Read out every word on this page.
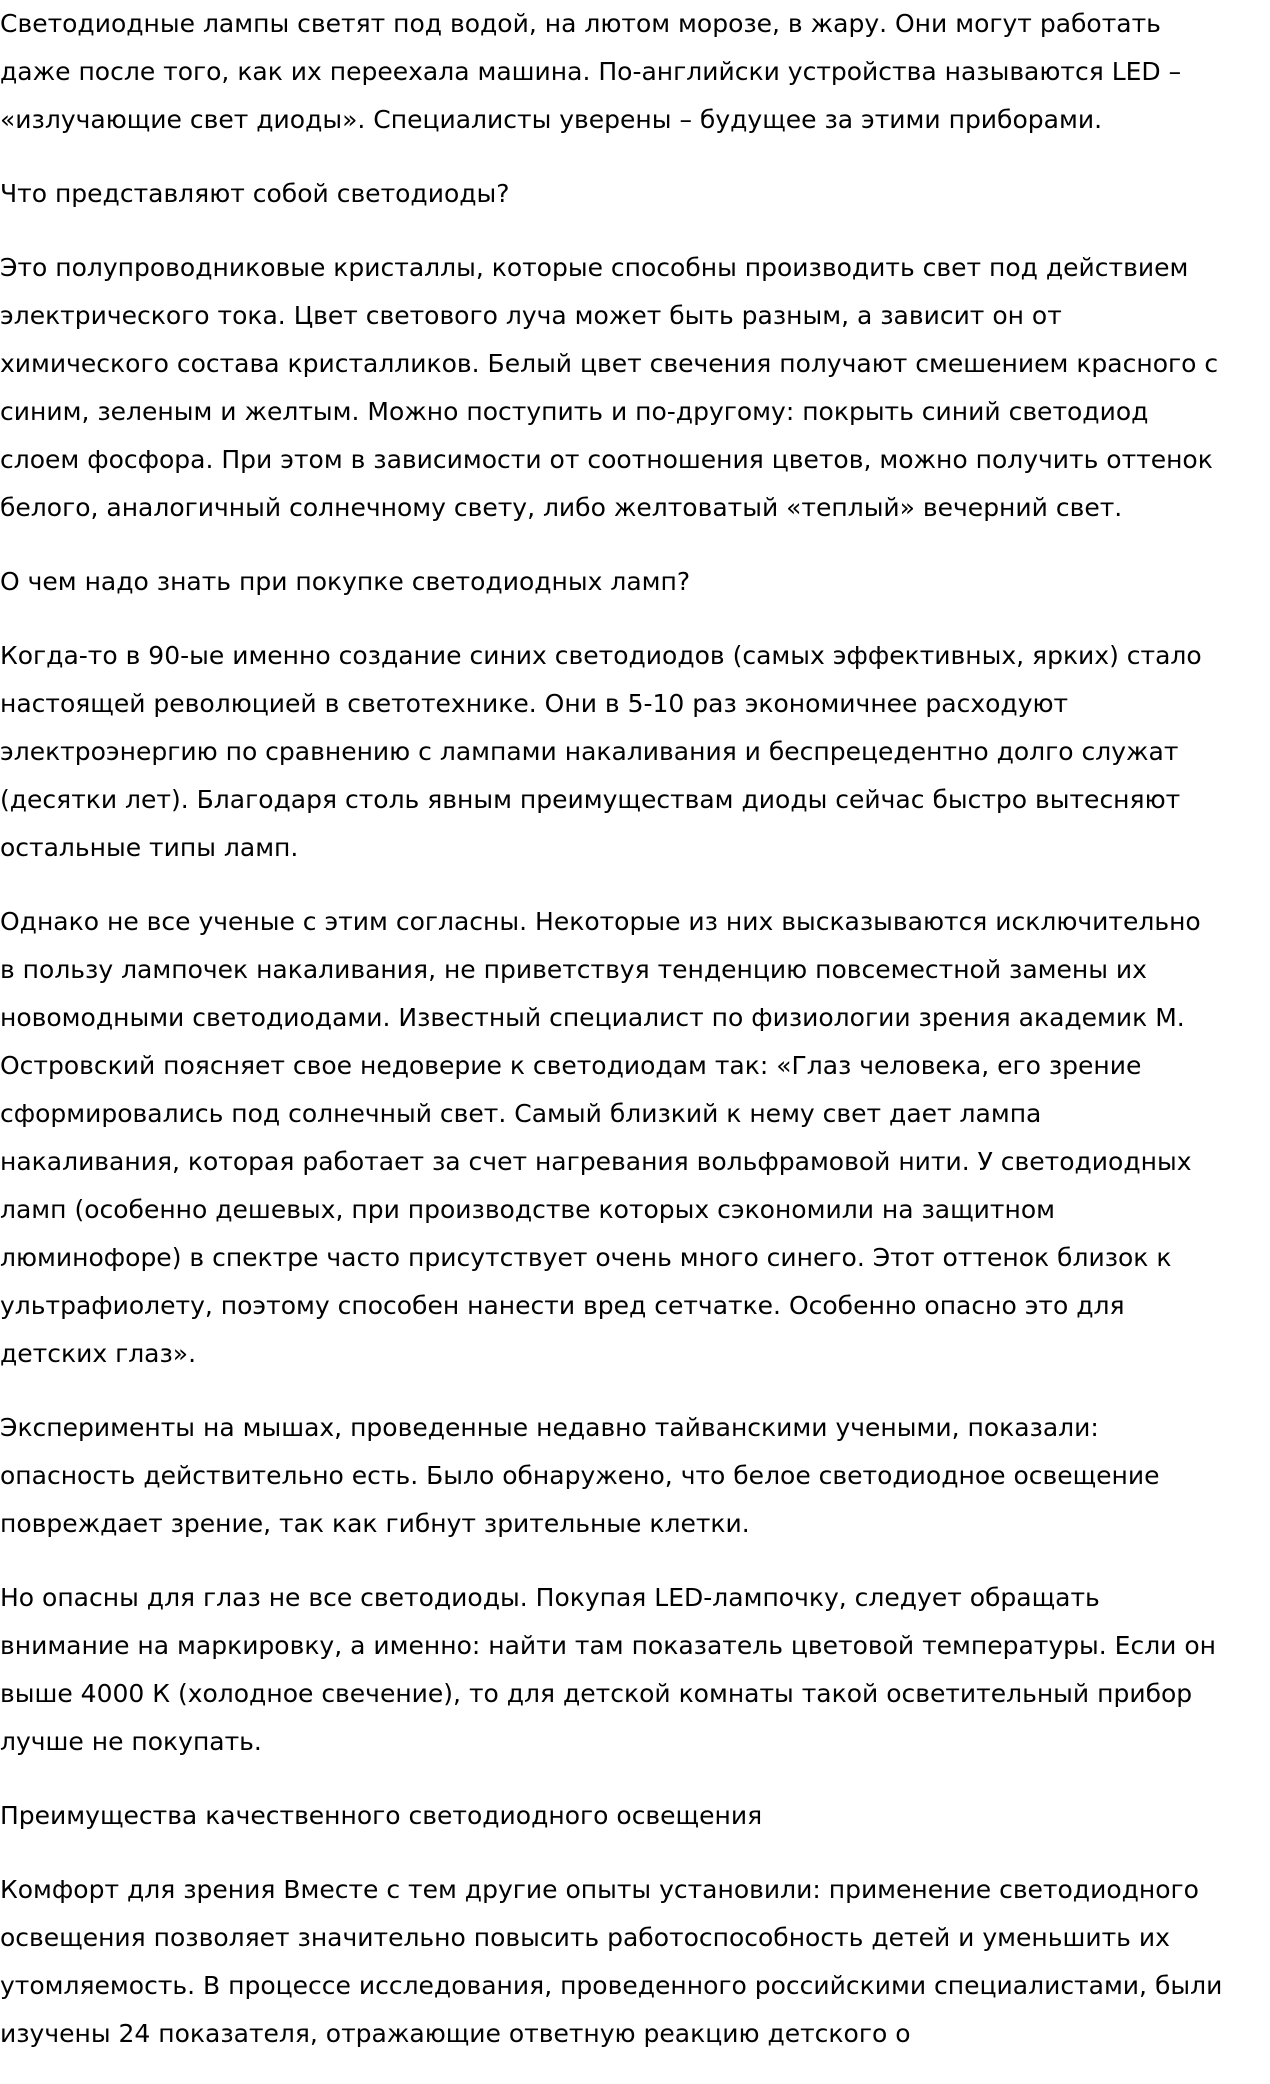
Светодиодные лампы светят под водой, на лютом морозе, в жару. Они могут работать
даже после того, как их переехала машина. По-английски устройства называются LED –
«излучающие свет диоды». Специалисты уверены – будущее за этими приборами.

Что представляют собой светодиоды?

Это полупроводниковые кристаллы, которые способны производить свет под действием
электрического тока. Цвет светового луча может быть разным, а зависит он от
химического состава кристалликов. Белый цвет свечения получают смешением красного с
синим, зеленым и желтым. Можно поступить и по-другому: покрыть синий светодиод
слоем фосфора. При этом в зависимости от соотношения цветов, можно получить оттенок
белого, аналогичный солнечному свету, либо желтоватый «теплый» вечерний свет.

О чем надо знать при покупке светодиодных ламп?

Когда-то в 90-ые именно создание синих светодиодов (самых эффективных, ярких) стало
настоящей революцией в светотехнике. Они в 5-10 раз экономичнее расходуют
электроэнергию по сравнению с лампами накаливания и беспрецедентно долго служат
(десятки лет). Благодаря столь явным преимуществам диоды сейчас быстро вытесняют
остальные типы ламп.

Однако не все ученые с этим согласны. Некоторые из них высказываются исключительно
в пользу лампочек накаливания, не приветствуя тенденцию повсеместной замены их
новомодными светодиодами. Известный специалист по физиологии зрения академик М.
Островский поясняет свое недоверие к светодиодам так: «Глаз человека, его зрение
сформировались под солнечный свет. Самый близкий к нему свет дает лампа
накаливания, которая работает за счет нагревания вольфрамовой нити. У светодиодных
ламп (особенно дешевых, при производстве которых сэкономили на защитном
люминофоре) в спектре часто присутствует очень много синего. Этот оттенок близок к
ультрафиолету, поэтому способен нанести вред сетчатке. Особенно опасно это для
детских глаз».

Эксперименты на мышах, проведенные недавно тайванскими учеными, показали:
опасность действительно есть. Было обнаружено, что белое светодиодное освещение
повреждает зрение, так как гибнут зрительные клетки.

Но опасны для глаз не все светодиоды. Покупая LED-лампочку, следует обращать
внимание на маркировку, а именно: найти там показатель цветовой температуры. Если он
выше 4000 К (холодное свечение), то для детской комнаты такой осветительный прибор
лучше не покупать.

Преимущества качественного светодиодного освещения

Комфорт для зрения Вместе с тем другие опыты установили: применение светодиодного
освещения позволяет значительно повысить работоспособность детей и уменьшить их
утомляемость. В процессе исследования, проведенного российскими специалистами, были
изучены 24 показателя, отражающие ответную реакцию детского о
